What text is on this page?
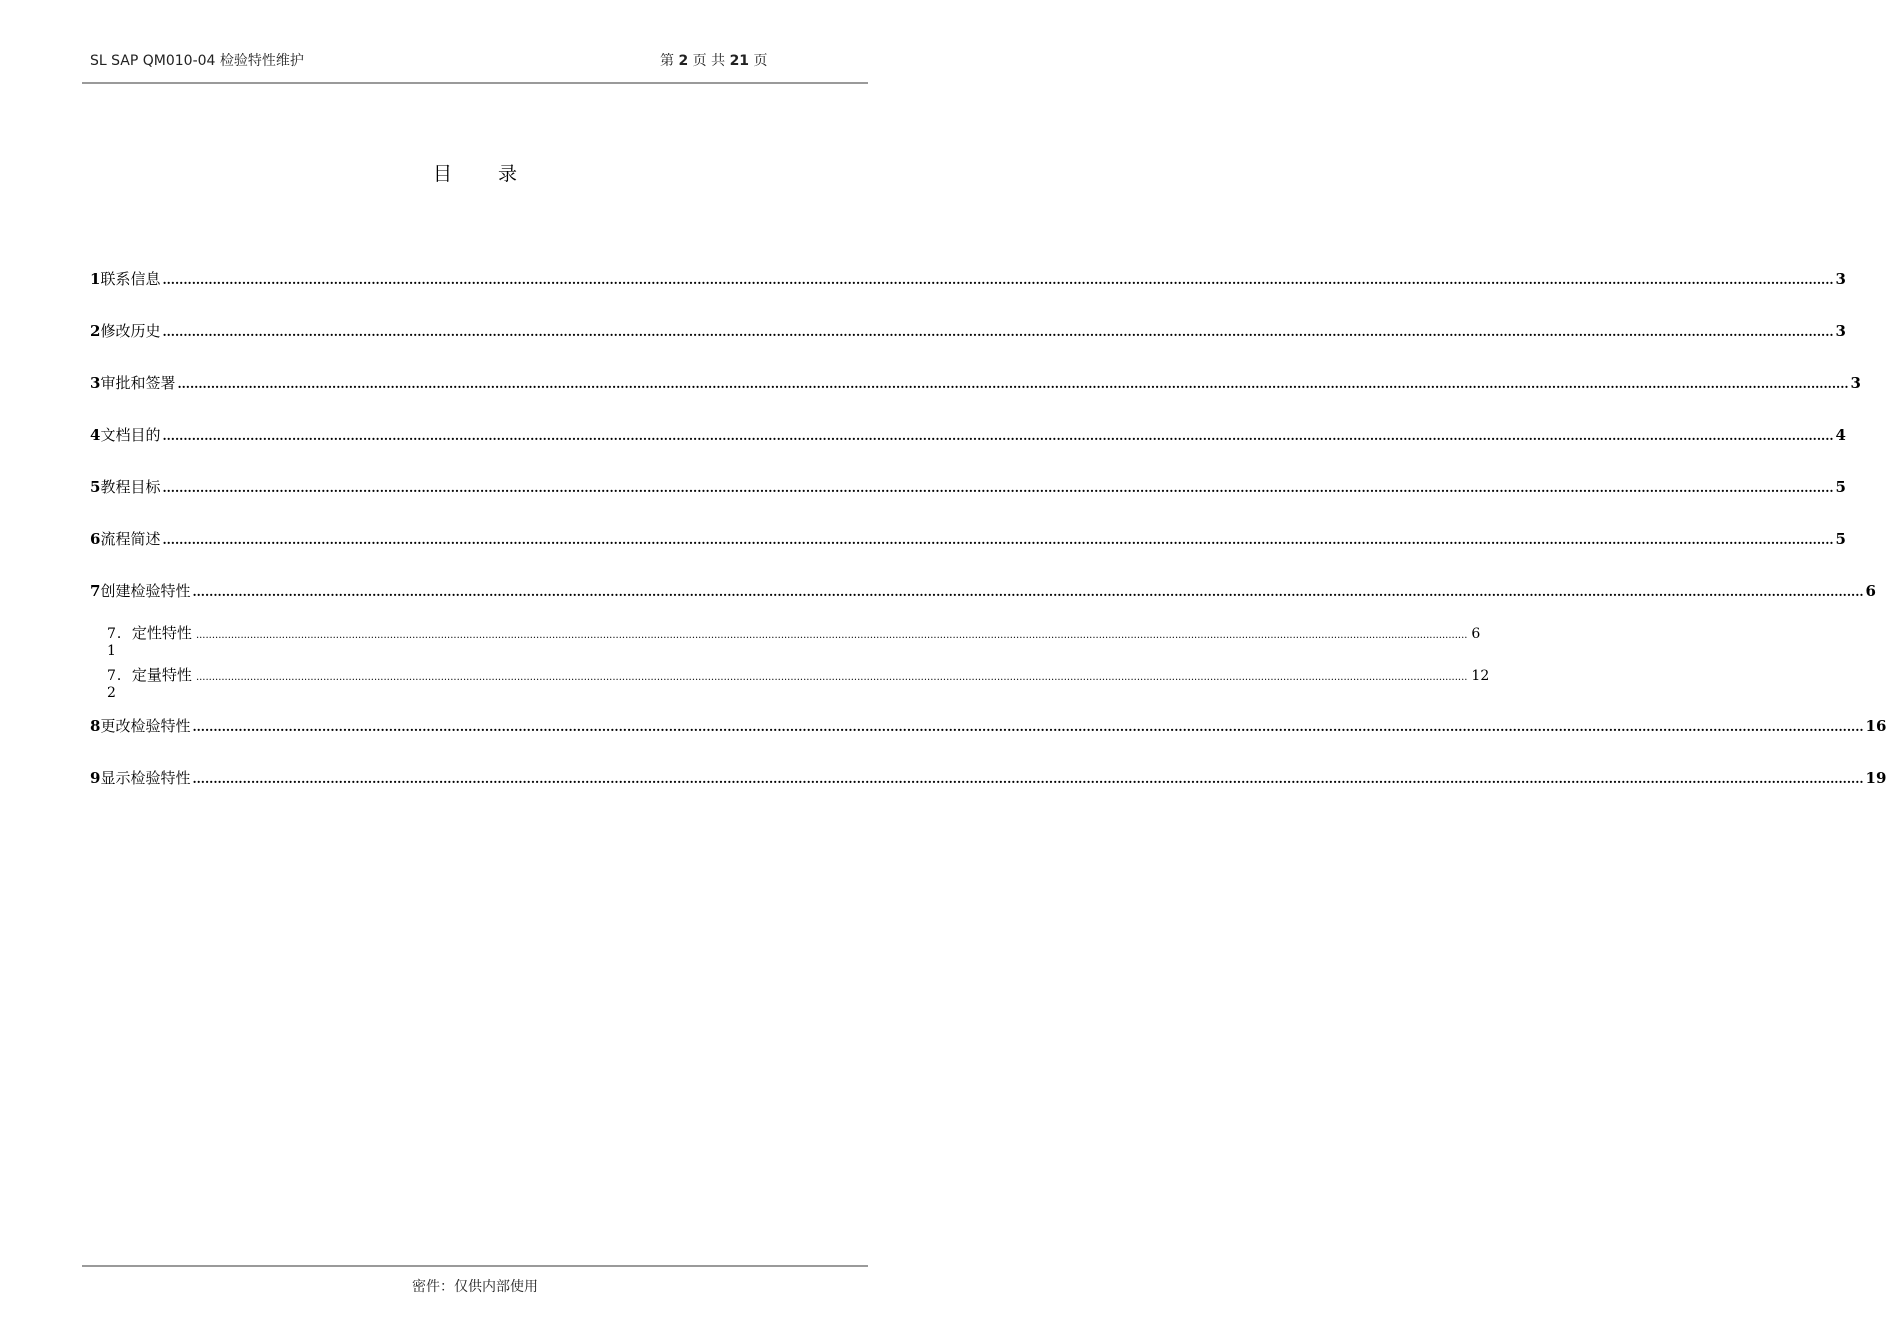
SL SAP QM010-04 检验特性维护	第 2 页 共 21 页
目录
1 联系信息 ................................................................................................................................................................................................................................................................................................................................................................................................................ 3
2 修改历史 ................................................................................................................................................................................................................................................................................................................................................................................................................ 3
3 审批和签署 ................................................................................................................................................................................................................................................................................................................................................................................................................ 3
4 文档目的 ................................................................................................................................................................................................................................................................................................................................................................................................................ 4
5 教程目标 ................................................................................................................................................................................................................................................................................................................................................................................................................ 5
6 流程简述 ................................................................................................................................................................................................................................................................................................................................................................................................................ 5
7 创建检验特性 ................................................................................................................................................................................................................................................................................................................................................................................................................ 6
7．1
定性特性 ................................................................................................................................................................................................................................................................................................................................................................................................................ 6
7．2
定量特性 ................................................................................................................................................................................................................................................................................................................................................................................................................ 12
8 更改检验特性 ................................................................................................................................................................................................................................................................................................................................................................................................................ 16
9 显示检验特性 ................................................................................................................................................................................................................................................................................................................................................................................................................ 19
密件：仅供内部使用
